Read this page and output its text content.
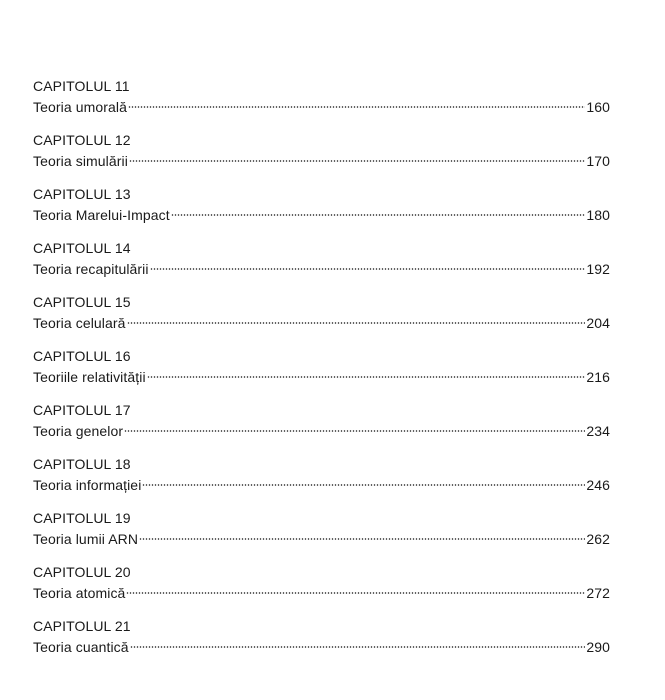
CAPITOLUL 11
Teoria umorală	160
CAPITOLUL 12
Teoria simulării	170
CAPITOLUL 13
Teoria Marelui-Impact	180
CAPITOLUL 14
Teoria recapitulării	192
CAPITOLUL 15
Teoria celulară	204
CAPITOLUL 16
Teoriile relativității	216
CAPITOLUL 17
Teoria genelor	234
CAPITOLUL 18
Teoria informației	246
CAPITOLUL 19
Teoria lumii ARN	262
CAPITOLUL 20
Teoria atomică	272
CAPITOLUL 21
Teoria cuantică	290
